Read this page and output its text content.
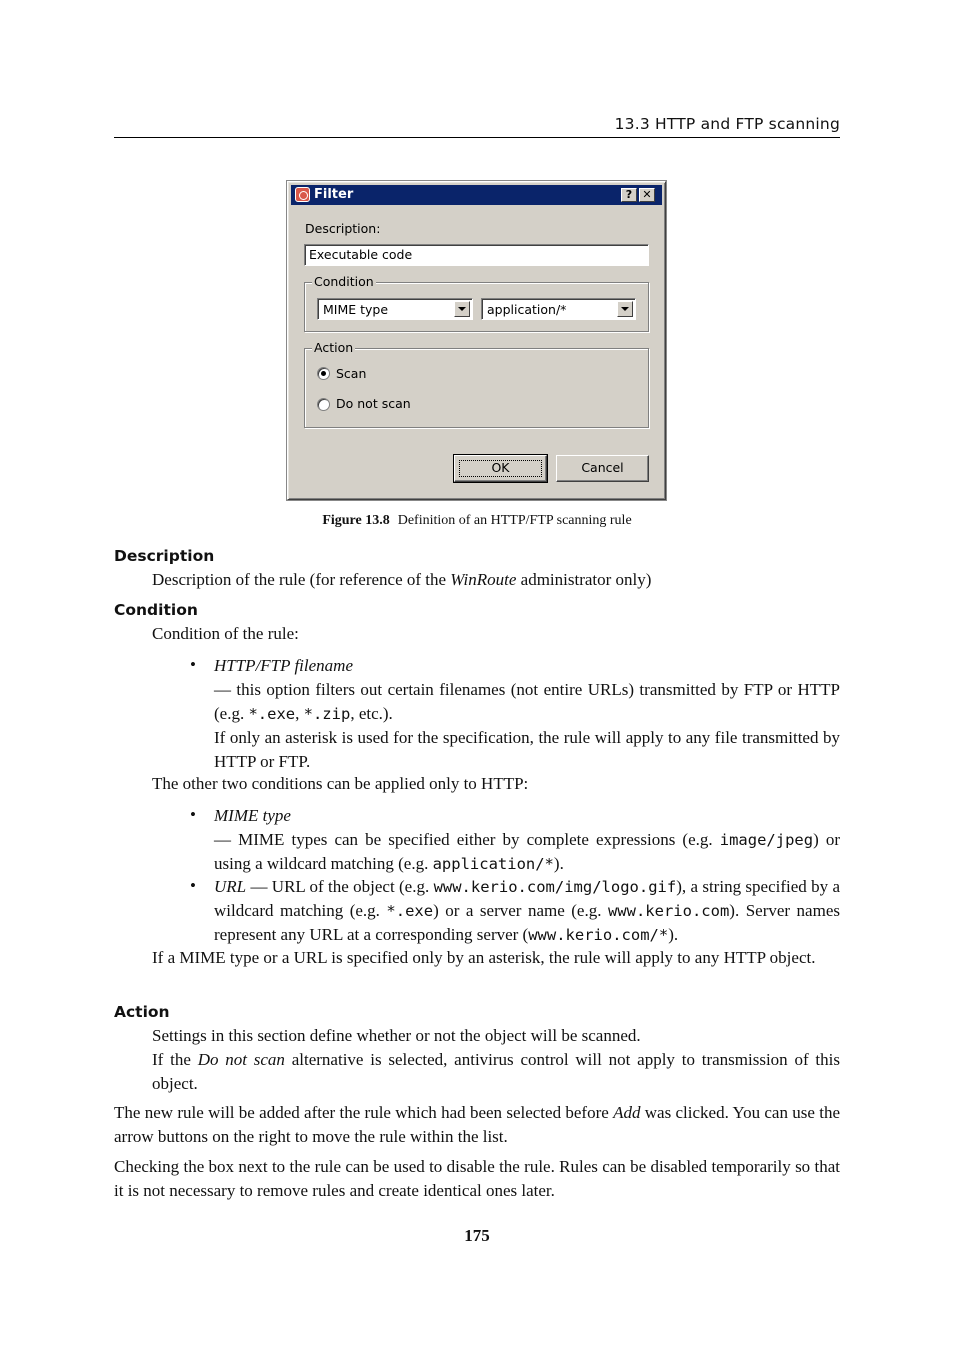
13.3 HTTP and FTP scanning
Filter	? ✕
Description:
Executable code
Condition
MIME type	application/*
Action
Scan
Do not scan
OK	Cancel
Figure 13.8 Definition of an HTTP/FTP scanning rule
Description
Description of the rule (for reference of the WinRoute administrator only)
Condition
Condition of the rule:
• HTTP/FTP filename
— this option filters out certain filenames (not entire URLs) transmitted by FTP or HTTP (e.g. *.exe, *.zip, etc.).
If only an asterisk is used for the specification, the rule will apply to any file transmitted by HTTP or FTP.
The other two conditions can be applied only to HTTP:
• MIME type
— MIME types can be specified either by complete expressions (e.g. image/jpeg) or using a wildcard matching (e.g. application/*).
• URL — URL of the object (e.g. www.kerio.com/img/logo.gif), a string specified by a wildcard matching (e.g. *.exe) or a server name (e.g. www.kerio.com). Server names represent any URL at a corresponding server (www.kerio.com/*).
If a MIME type or a URL is specified only by an asterisk, the rule will apply to any HTTP object.
Action
Settings in this section define whether or not the object will be scanned.
If the Do not scan alternative is selected, antivirus control will not apply to transmission of this object.
The new rule will be added after the rule which had been selected before Add was clicked. You can use the arrow buttons on the right to move the rule within the list.
Checking the box next to the rule can be used to disable the rule. Rules can be disabled temporarily so that it is not necessary to remove rules and create identical ones later.
175
